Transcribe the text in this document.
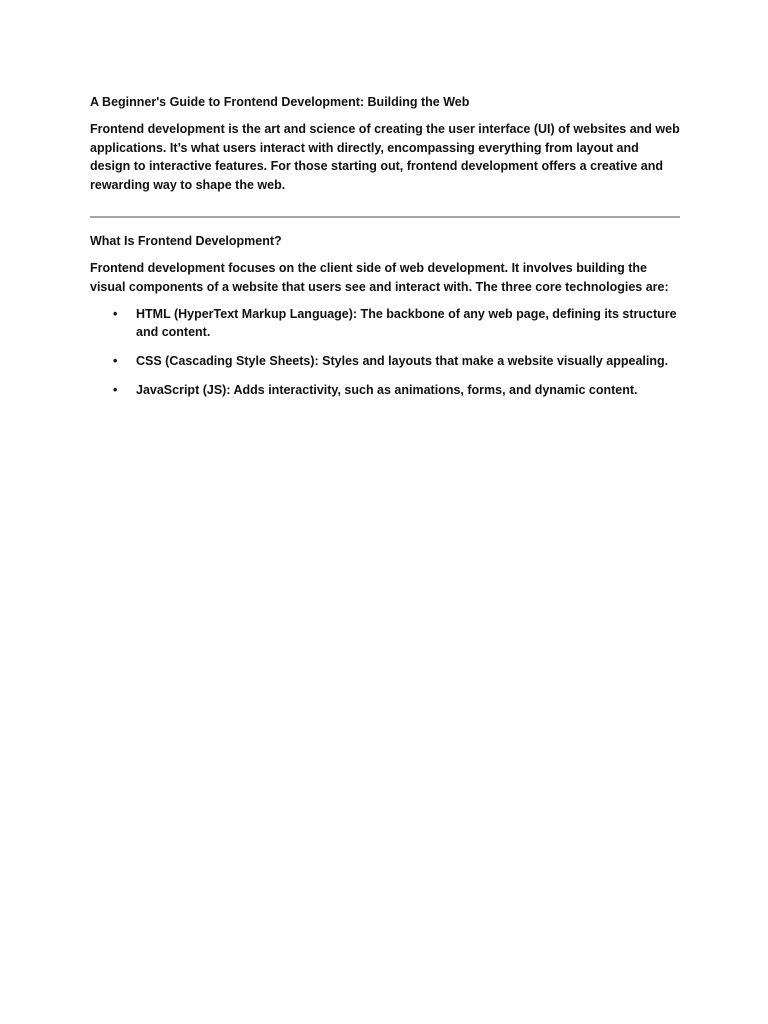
A Beginner's Guide to Frontend Development: Building the Web

Frontend development is the art and science of creating the user interface (UI) of websites and web applications. It’s what users interact with directly, encompassing everything from layout and design to interactive features. For those starting out, frontend development offers a creative and rewarding way to shape the web.

What Is Frontend Development?

Frontend development focuses on the client side of web development. It involves building the visual components of a website that users see and interact with. The three core technologies are:

• HTML (HyperText Markup Language): The backbone of any web page, defining its structure and content.
• CSS (Cascading Style Sheets): Styles and layouts that make a website visually appealing.
• JavaScript (JS): Adds interactivity, such as animations, forms, and dynamic content.
